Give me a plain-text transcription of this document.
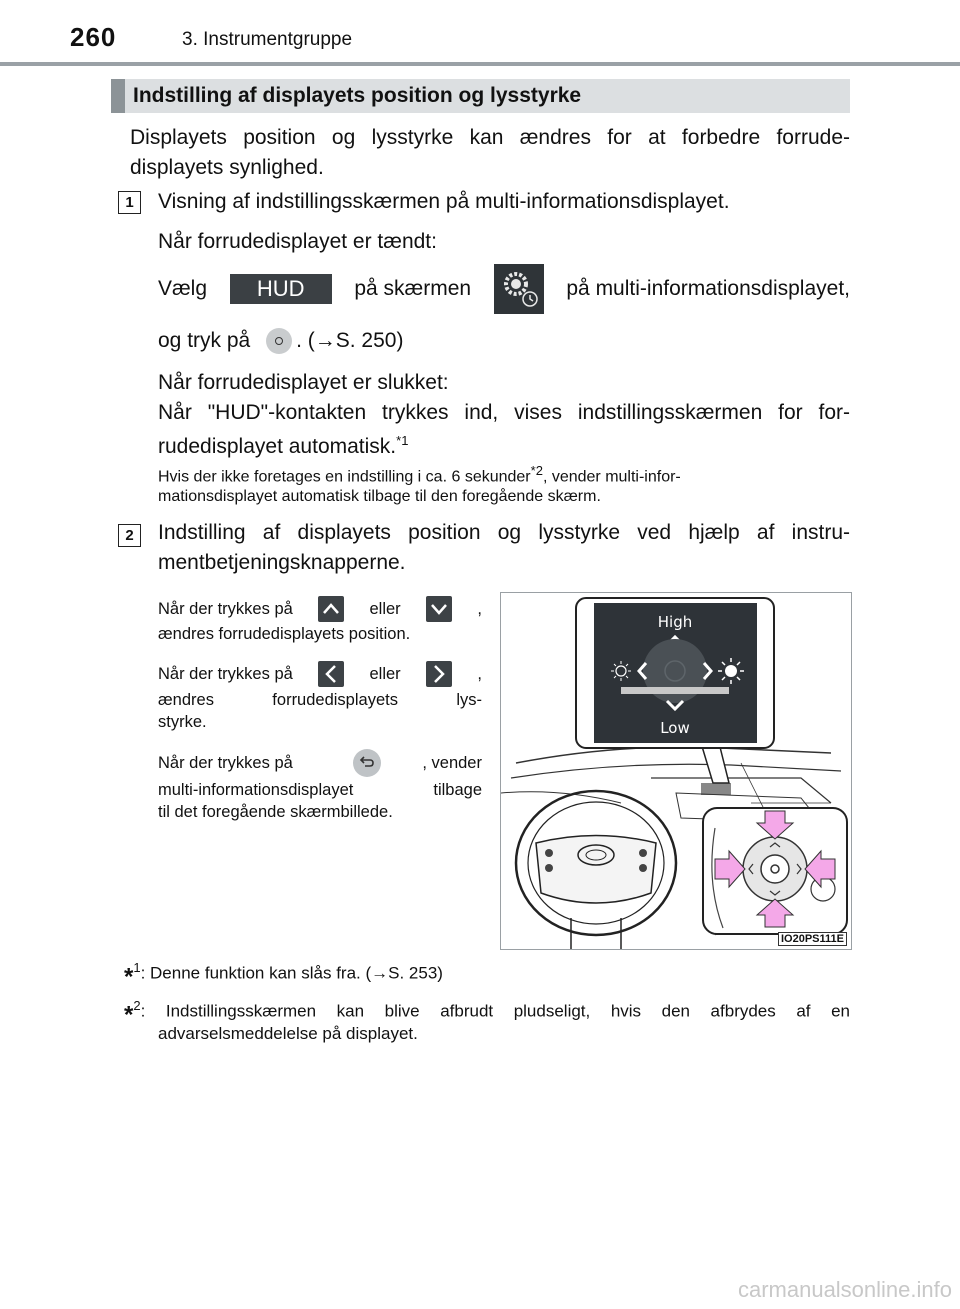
260	3. Instrumentgruppe
Indstilling af displayets position og lysstyrke
Displayets position og lysstyrke kan ændres for at forbedre forrude-
displayets synlighed.
1	Visning af indstillingsskærmen på multi-informationsdisplayet.
Når forrudedisplayet er tændt:
Vælg	HUD	på skærmen	på multi-informationsdisplayet,
og tryk på . (→S. 250)
Når forrudedisplayet er slukket:
Når "HUD"-kontakten trykkes ind, vises indstillingsskærmen for for-
rudedisplayet automatisk.$^{*1}$
Hvis der ikke foretages en indstilling i ca. 6 sekunder$^{*2}$, vender multi-infor-
mationsdisplayet automatisk tilbage til den foregående skærm.
2	Indstilling af displayets position og lysstyrke ved hjælp af instru-
mentbetjeningsknapperne.
Når der trykkes på	eller	,
ændres forrudedisplayets position.
Når der trykkes på	eller	,
ændres forrudedisplayets lys-
styrke.
Når der trykkes på	, vender
multi-informationsdisplayet tilbage
til det foregående skærmbillede.
High
Low
IO20PS111E
*$^1$: Denne funktion kan slås fra. (→S. 253)
*$^2$: Indstillingsskærmen kan blive afbrudt pludseligt, hvis den afbrydes af en
advarselsmeddelelse på displayet.
carmanualsonline.info
